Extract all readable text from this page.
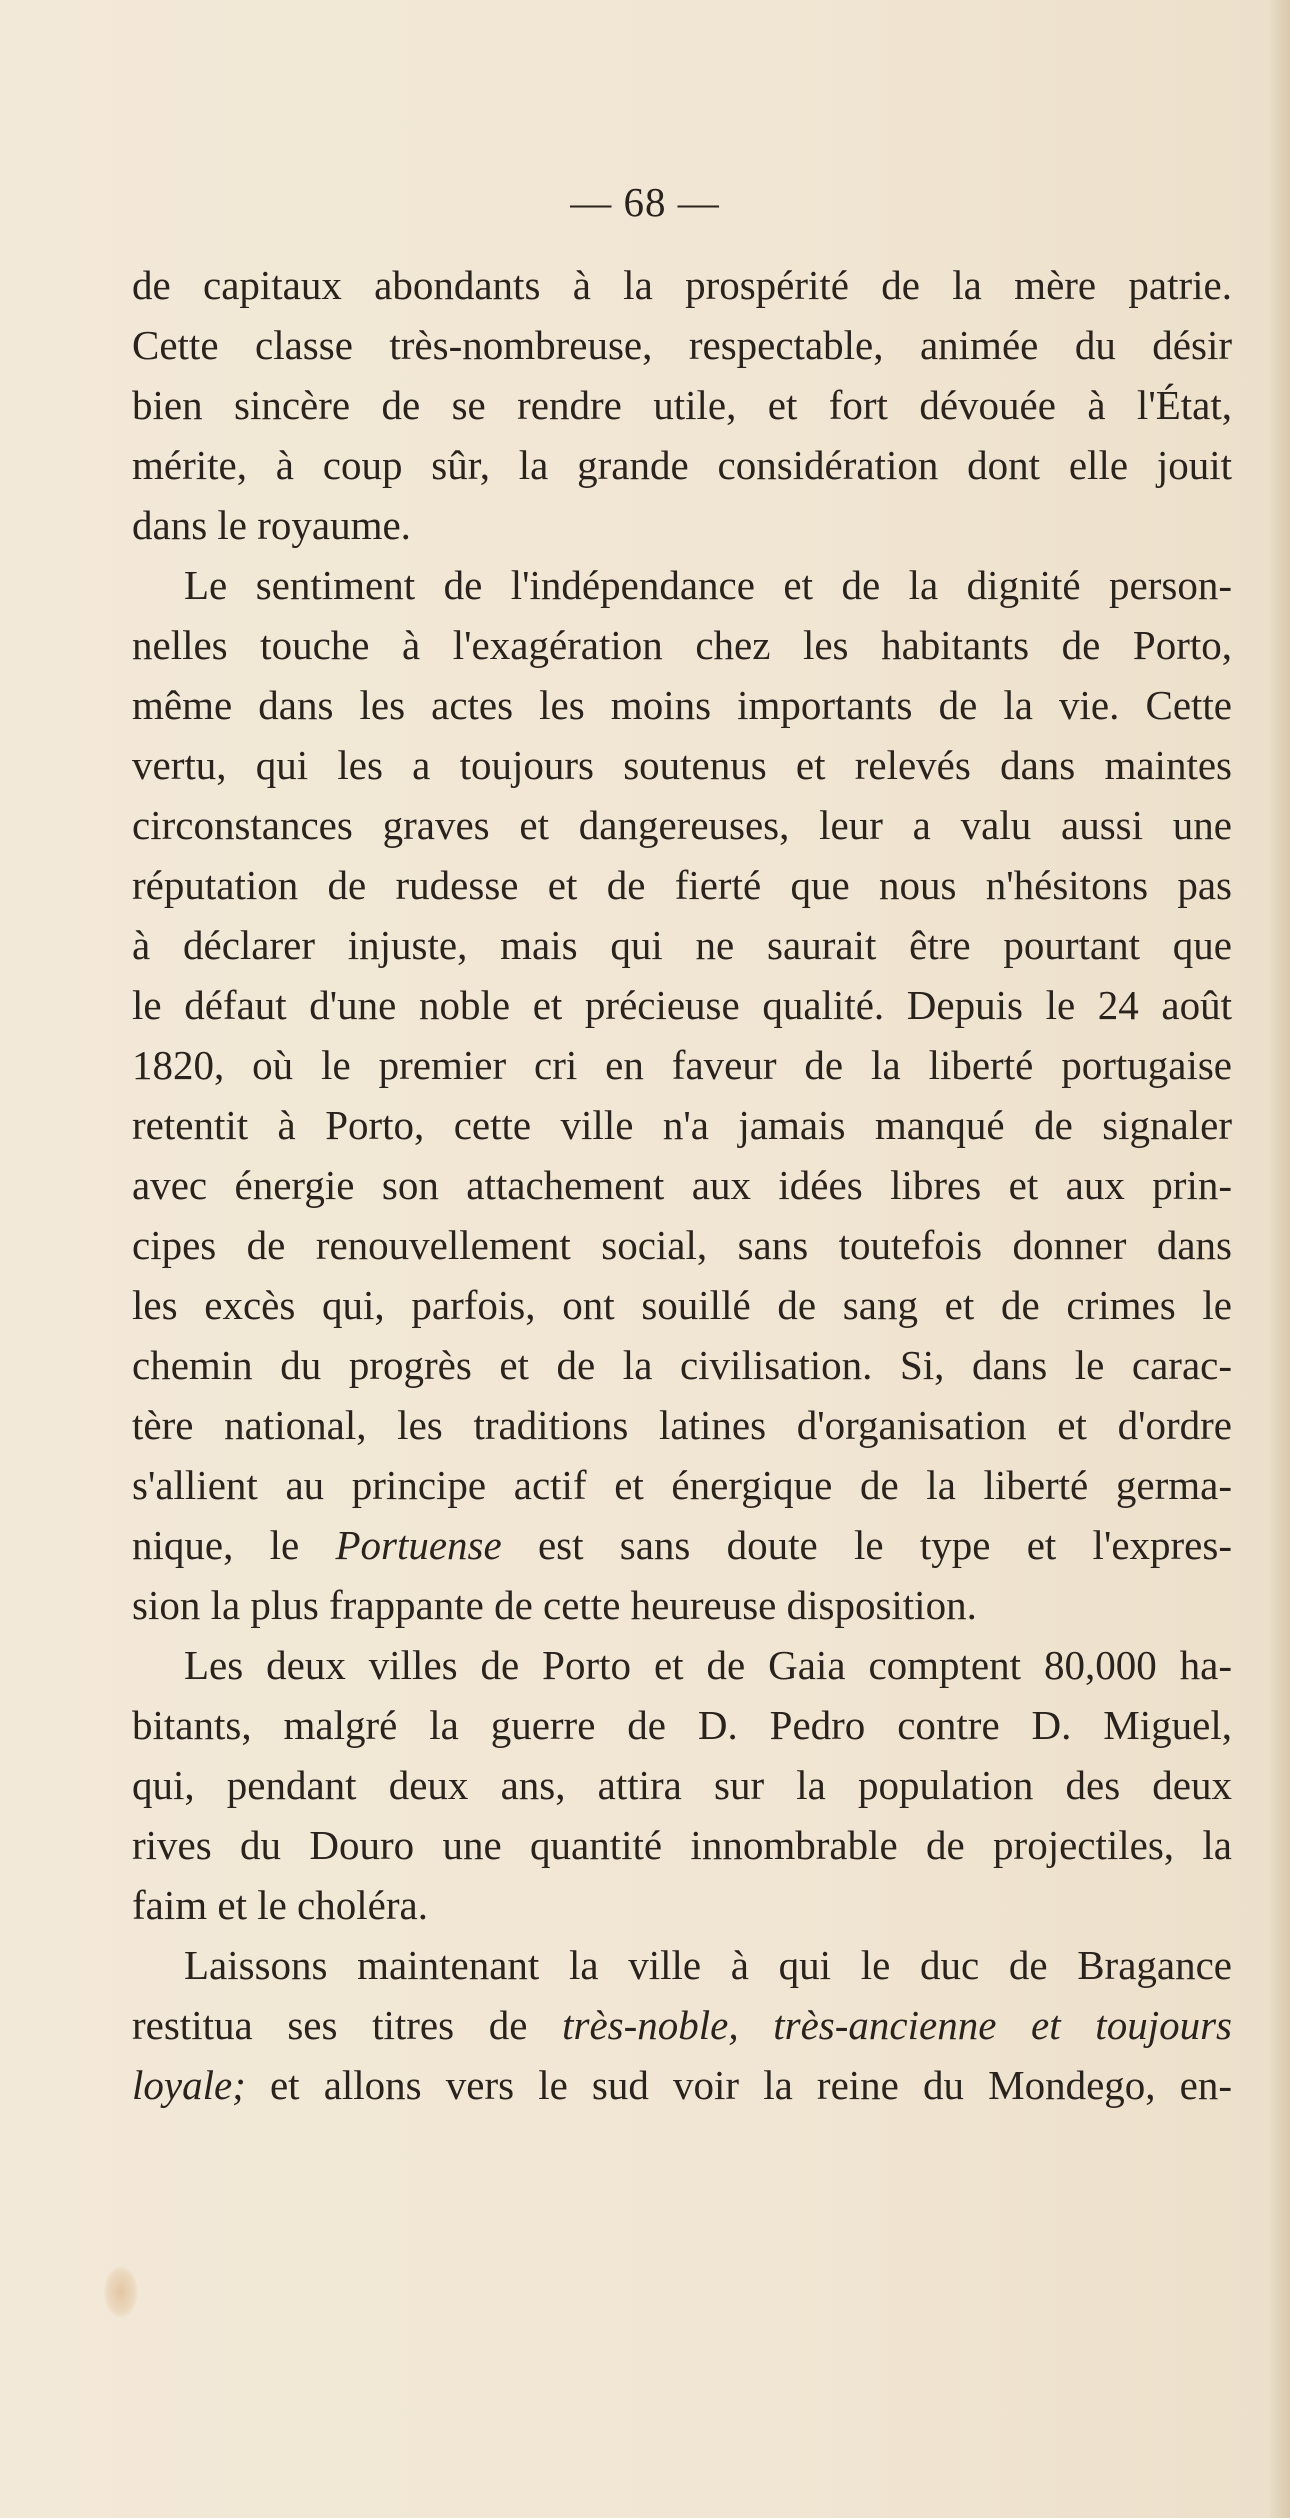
— 68 —
de capitaux abondants à la prospérité de la mère patrie.
Cette classe très-nombreuse, respectable, animée du désir
bien sincère de se rendre utile, et fort dévouée à l'État,
mérite, à coup sûr, la grande considération dont elle jouit
dans le royaume.
Le sentiment de l'indépendance et de la dignité person-
nelles touche à l'exagération chez les habitants de Porto,
même dans les actes les moins importants de la vie. Cette
vertu, qui les a toujours soutenus et relevés dans maintes
circonstances graves et dangereuses, leur a valu aussi une
réputation de rudesse et de fierté que nous n'hésitons pas
à déclarer injuste, mais qui ne saurait être pourtant que
le défaut d'une noble et précieuse qualité. Depuis le 24 août
1820, où le premier cri en faveur de la liberté portugaise
retentit à Porto, cette ville n'a jamais manqué de signaler
avec énergie son attachement aux idées libres et aux prin-
cipes de renouvellement social, sans toutefois donner dans
les excès qui, parfois, ont souillé de sang et de crimes le
chemin du progrès et de la civilisation. Si, dans le carac-
tère national, les traditions latines d'organisation et d'ordre
s'allient au principe actif et énergique de la liberté germa-
nique, le Portuense est sans doute le type et l'expres-
sion la plus frappante de cette heureuse disposition.
Les deux villes de Porto et de Gaia comptent 80,000 ha-
bitants, malgré la guerre de D. Pedro contre D. Miguel,
qui, pendant deux ans, attira sur la population des deux
rives du Douro une quantité innombrable de projectiles, la
faim et le choléra.
Laissons maintenant la ville à qui le duc de Bragance
restitua ses titres de très-noble, très-ancienne et toujours
loyale; et allons vers le sud voir la reine du Mondego, en-
